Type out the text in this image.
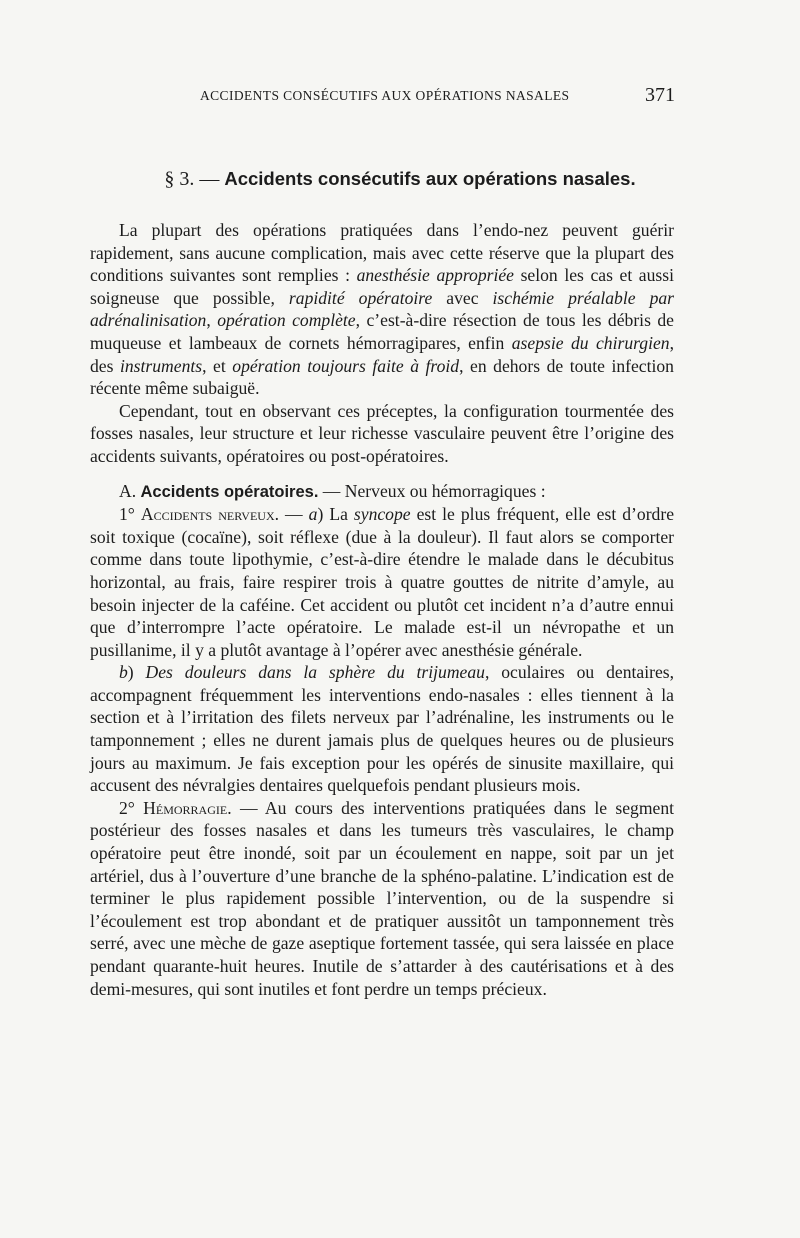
ACCIDENTS CONSÉCUTIFS AUX OPÉRATIONS NASALES	371
§ 3. — Accidents consécutifs aux opérations nasales.

La plupart des opérations pratiquées dans l’endo-nez peuvent guérir rapidement, sans aucune complication, mais avec cette réserve que la plupart des conditions suivantes sont remplies : anesthésie appropriée selon les cas et aussi soigneuse que possible, rapidité opératoire avec ischémie préalable par adrénalinisation, opération complète, c’est-à-dire résection de tous les débris de muqueuse et lambeaux de cornets hémorragipares, enfin asepsie du chirurgien, des instruments, et opération toujours faite à froid, en dehors de toute infection récente même subaiguë.

Cependant, tout en observant ces préceptes, la configuration tourmentée des fosses nasales, leur structure et leur richesse vasculaire peuvent être l’origine des accidents suivants, opératoires ou post-opératoires.

A. Accidents opératoires. — Nerveux ou hémorragiques :

1° Accidents nerveux. — a) La syncope est le plus fréquent, elle est d’ordre soit toxique (cocaïne), soit réflexe (due à la douleur). Il faut alors se comporter comme dans toute lipothymie, c’est-à-dire étendre le malade dans le décubitus horizontal, au frais, faire respirer trois à quatre gouttes de nitrite d’amyle, au besoin injecter de la caféine. Cet accident ou plutôt cet incident n’a d’autre ennui que d’interrompre l’acte opératoire. Le malade est-il un névropathe et un pusillanime, il y a plutôt avantage à l’opérer avec anesthésie générale.

b) Des douleurs dans la sphère du trijumeau, oculaires ou dentaires, accompagnent fréquemment les interventions endo-nasales : elles tiennent à la section et à l’irritation des filets nerveux par l’adrénaline, les instruments ou le tamponnement ; elles ne durent jamais plus de quelques heures ou de plusieurs jours au maximum. Je fais exception pour les opérés de sinusite maxillaire, qui accusent des névralgies dentaires quelquefois pendant plusieurs mois.

2° Hémorragie. — Au cours des interventions pratiquées dans le segment postérieur des fosses nasales et dans les tumeurs très vasculaires, le champ opératoire peut être inondé, soit par un écoulement en nappe, soit par un jet artériel, dus à l’ouverture d’une branche de la sphéno-palatine. L’indication est de terminer le plus rapidement possible l’intervention, ou de la suspendre si l’écoulement est trop abondant et de pratiquer aussitôt un tamponnement très serré, avec une mèche de gaze aseptique fortement tassée, qui sera laissée en place pendant quarante-huit heures. Inutile de s’attarder à des cautérisations et à des demi-mesures, qui sont inutiles et font perdre un temps précieux.
